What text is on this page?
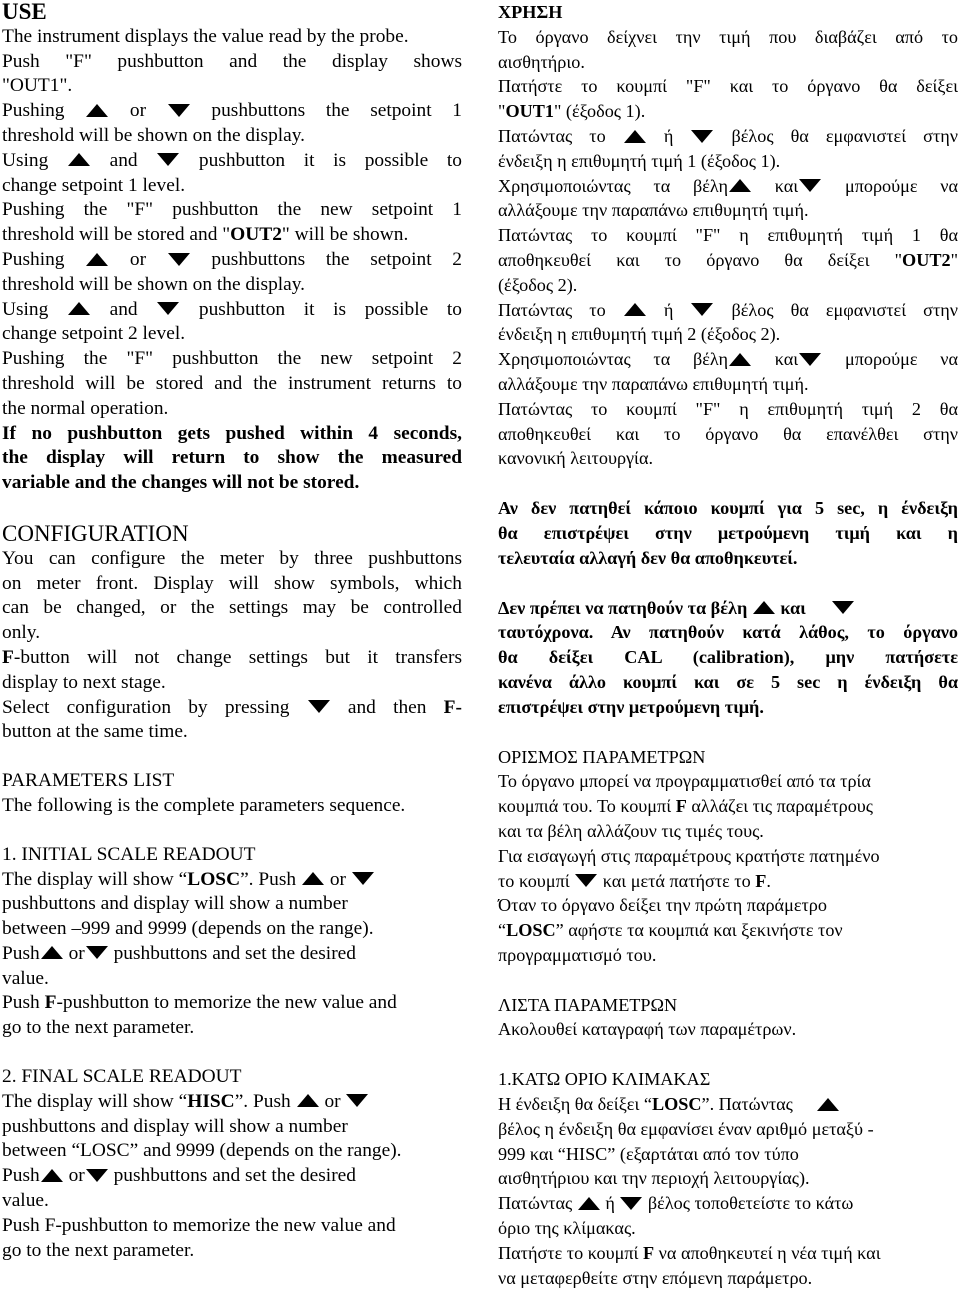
USE
The instrument displays the value read by the probe.
Push "F" pushbutton and the display shows
"OUT1".
Pushing	or	pushbuttons the setpoint 1
threshold will be shown on the display.
Using	and	pushbutton it is possible to
change setpoint 1 level.
Pushing the "F" pushbutton the new setpoint 1
threshold will be stored and "OUT2" will be shown.
Pushing	or	pushbuttons the setpoint 2
threshold will be shown on the display.
Using	and	pushbutton it is possible to
change setpoint 2 level.
Pushing the "F" pushbutton the new setpoint 2
threshold will be stored and the instrument returns to
the normal operation.
If no pushbutton gets pushed within 4 seconds,
the display will return to show the measured
variable and the changes will not be stored.
CONFIGURATION
You can configure the meter by three pushbuttons
on meter front. Display will show symbols, which
can be changed, or the settings may be controlled
only.
F-button will not change settings but it transfers
display to next stage.
Select configuration by pressing	and then F-
button at the same time.
PARAMETERS LIST
The following is the complete parameters sequence.
1. INITIAL SCALE READOUT
The display will show “LOSC”. Push or
pushbuttons and display will show a number
between –999 and 9999 (depends on the range).
Push or pushbuttons and set the desired
value.
Push F-pushbutton to memorize the new value and
go to the next parameter.
2. FINAL SCALE READOUT
The display will show “HISC”. Push or
pushbuttons and display will show a number
between “LOSC” and 9999 (depends on the range).
Push or pushbuttons and set the desired
value.
Push F-pushbutton to memorize the new value and
go to the next parameter.
ΧΡΗΣΗ
Το όργανο δείχνει την τιμή που διαβάζει από το
αισθητήριο.
Πατήστε το κουμπί "F" και το όργανο θα δείξει
"OUT1" (έξοδος 1).
Πατώντας το	ή	βέλος θα εμφανιστεί στην
ένδειξη η επιθυμητή τιμή 1 (έξοδος 1).
Χρησιμοποιώντας τα βέλη	και	μπορούμε να
αλλάξουμε την παραπάνω επιθυμητή τιμή.
Πατώντας το κουμπί "F" η επιθυμητή τιμή 1 θα
αποθηκευθεί και το όργανο θα δείξει "OUT2"
(έξοδος 2).
Πατώντας το	ή	βέλος θα εμφανιστεί στην
ένδειξη η επιθυμητή τιμή 2 (έξοδος 2).
Χρησιμοποιώντας τα βέλη	και	μπορούμε να
αλλάξουμε την παραπάνω επιθυμητή τιμή.
Πατώντας το κουμπί "F" η επιθυμητή τιμή 2 θα
αποθηκευθεί και το όργανο θα επανέλθει στην
κανονική λειτουργία.
Αν δεν πατηθεί κάποιο κουμπί για 5 sec, η ένδειξη
θα επιστρέψει στην μετρούμενη τιμή και η
τελευταία αλλαγή δεν θα αποθηκευτεί.
Δεν πρέπει να πατηθούν τα βέλη και
ταυτόχρονα. Αν πατηθούν κατά λάθος, το όργανο
θα δείξει CAL (calibration), μην πατήσετε
κανένα άλλο κουμπί και σε 5 sec η ένδειξη θα
επιστρέψει στην μετρούμενη τιμή.
ΟΡΙΣΜΟΣ ΠΑΡΑΜΕΤΡΩΝ
Το όργανο μπορεί να προγραμματισθεί από τα τρία
κουμπιά του. Το κουμπί F αλλάζει τις παραμέτρους
και τα βέλη αλλάζουν τις τιμές τους.
Για εισαγωγή στις παραμέτρους κρατήστε πατημένο
το κουμπί και μετά πατήστε το F.
Όταν το όργανο δείξει την πρώτη παράμετρο
“LOSC” αφήστε τα κουμπιά και ξεκινήστε τον
προγραμματισμό του.
ΛΙΣΤΑ ΠΑΡΑΜΕΤΡΩΝ
Ακολουθεί καταγραφή των παραμέτρων.
1.ΚΑΤΩ ΟΡΙΟ ΚΛΙΜΑΚΑΣ
Η ένδειξη θα δείξει “LOSC”. Πατώντας
βέλος η ένδειξη θα εμφανίσει έναν αριθμό μεταξύ -
999 και “HISC” (εξαρτάται από τον τύπο
αισθητήριου και την περιοχή λειτουργίας).
Πατώντας ή βέλος τοποθετείστε το κάτω
όριο της κλίμακας.
Πατήστε το κουμπί F να αποθηκευτεί η νέα τιμή και
να μεταφερθείτε στην επόμενη παράμετρο.
